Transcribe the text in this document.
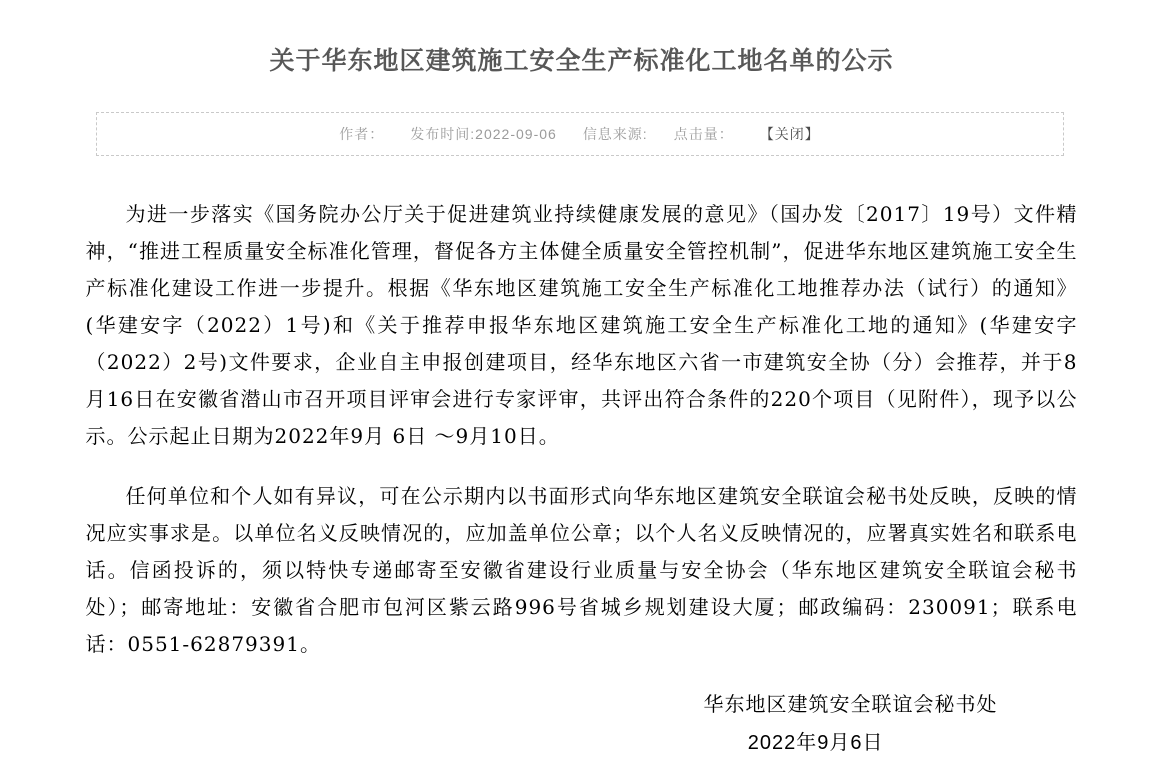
关于华东地区建筑施工安全生产标准化工地名单的公示
作者： 发布时间:2022-09-06 信息来源: 点击量： 【关闭】

为进一步落实《国务院办公厅关于促进建筑业持续健康发展的意见》（国办发〔2017〕19号）文件精神，“推进工程质量安全标准化管理，督促各方主体健全质量安全管控机制”，促进华东地区建筑施工安全生产标准化建设工作进一步提升。根据《华东地区建筑施工安全生产标准化工地推荐办法（试行）的通知》(华建安字（2022）1号)和《关于推荐申报华东地区建筑施工安全生产标准化工地的通知》(华建安字（2022）2号)文件要求，企业自主申报创建项目，经华东地区六省一市建筑安全协（分）会推荐，并于8月16日在安徽省潜山市召开项目评审会进行专家评审，共评出符合条件的220个项目（见附件），现予以公示。公示起止日期为2022年9月 6日 ～9月10日。

任何单位和个人如有异议，可在公示期内以书面形式向华东地区建筑安全联谊会秘书处反映，反映的情况应实事求是。以单位名义反映情况的，应加盖单位公章；以个人名义反映情况的，应署真实姓名和联系电话。信函投诉的，须以特快专递邮寄至安徽省建设行业质量与安全协会（华东地区建筑安全联谊会秘书处）；邮寄地址：安徽省合肥市包河区紫云路996号省城乡规划建设大厦；邮政编码：230091；联系电话：0551-62879391。

华东地区建筑安全联谊会秘书处
2022年9月6日
